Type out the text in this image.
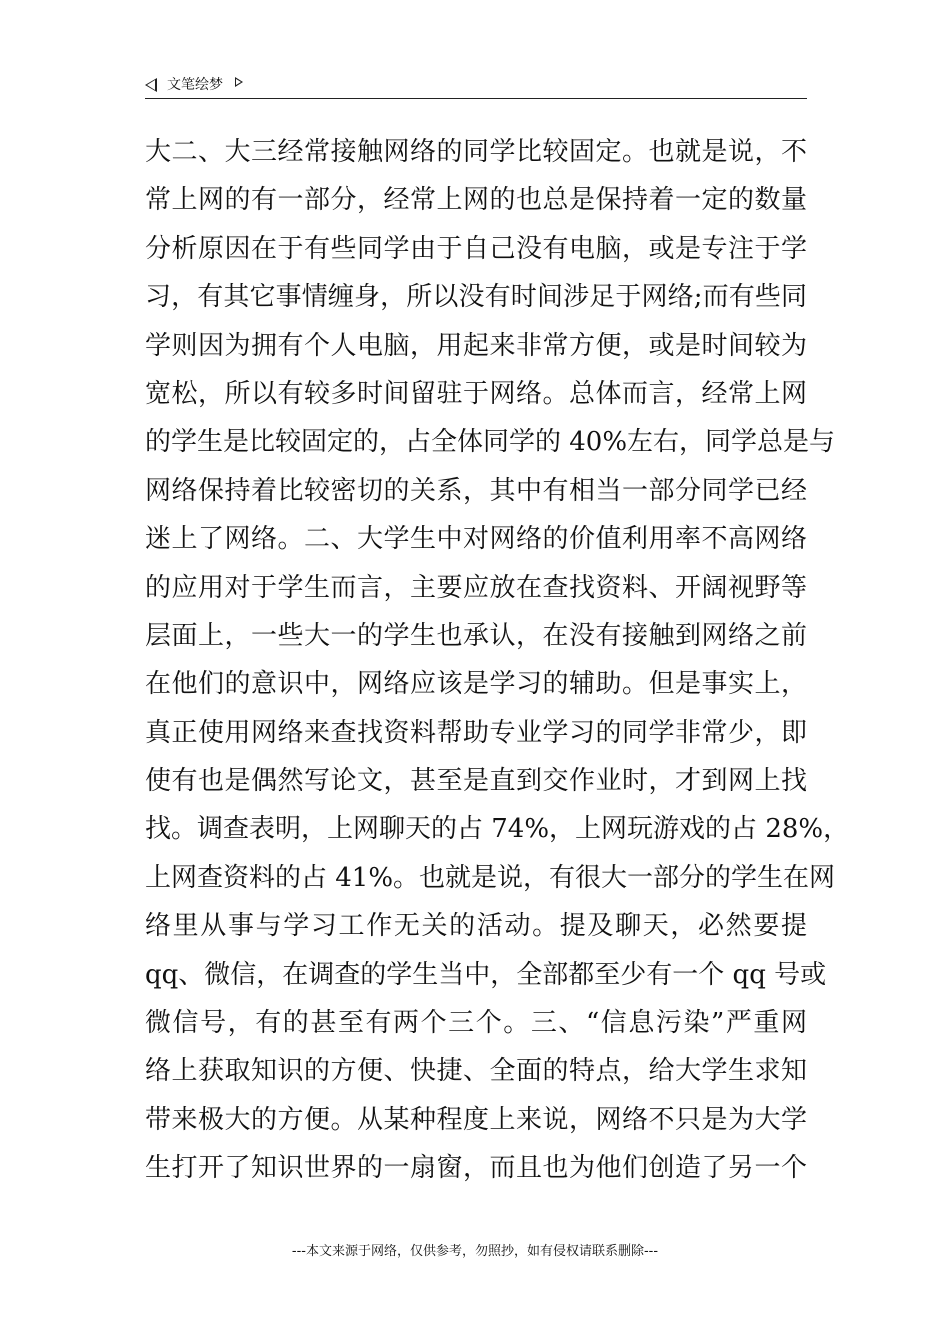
文笔绘梦
大二、大三经常接触网络的同学比较固定。也就是说，不
常上网的有一部分，经常上网的也总是保持着一定的数量
分析原因在于有些同学由于自己没有电脑，或是专注于学
习，有其它事情缠身，所以没有时间涉足于网络;而有些同
学则因为拥有个人电脑，用起来非常方便，或是时间较为
宽松，所以有较多时间留驻于网络。总体而言，经常上网
的学生是比较固定的，占全体同学的 40%左右，同学总是与
网络保持着比较密切的关系，其中有相当一部分同学已经
迷上了网络。二、大学生中对网络的价值利用率不高网络
的应用对于学生而言，主要应放在查找资料、开阔视野等
层面上，一些大一的学生也承认，在没有接触到网络之前
在他们的意识中，网络应该是学习的辅助。但是事实上，
真正使用网络来查找资料帮助专业学习的同学非常少，即
使有也是偶然写论文，甚至是直到交作业时，才到网上找
找。调查表明，上网聊天的占 74%，上网玩游戏的占 28%，
上网查资料的占 41%。也就是说，有很大一部分的学生在网
络里从事与学习工作无关的活动。提及聊天，必然要提
qq、微信，在调查的学生当中，全部都至少有一个 qq 号或
微信号，有的甚至有两个三个。三、“信息污染”严重网
络上获取知识的方便、快捷、全面的特点，给大学生求知
带来极大的方便。从某种程度上来说，网络不只是为大学
生打开了知识世界的一扇窗，而且也为他们创造了另一个
---本文来源于网络，仅供参考，勿照抄，如有侵权请联系删除---
